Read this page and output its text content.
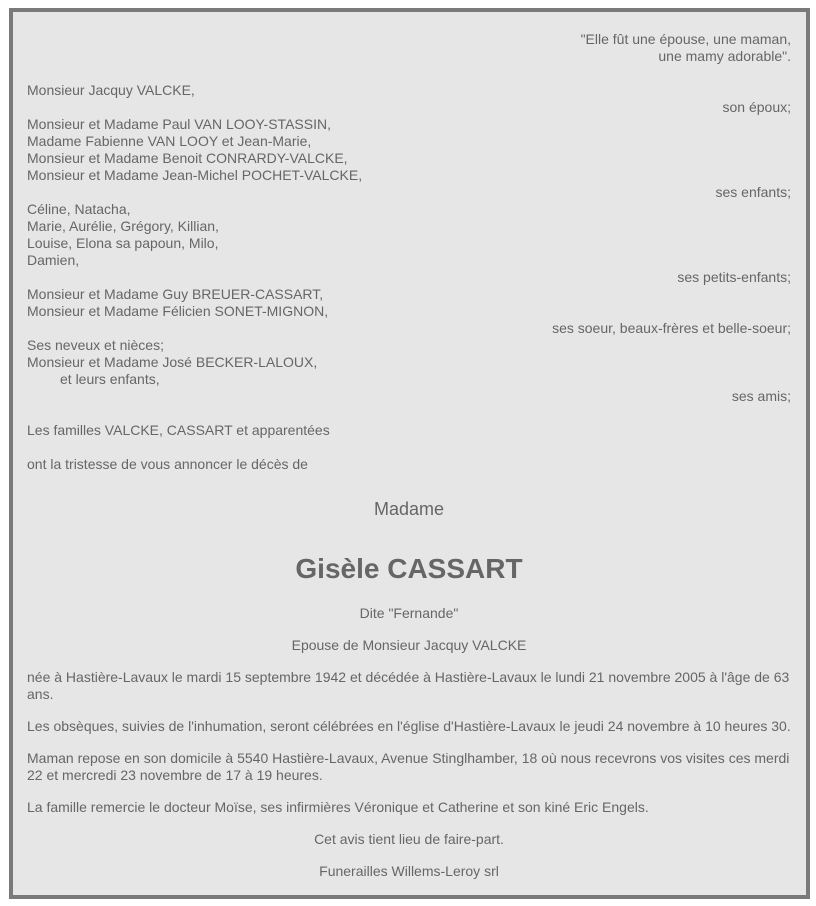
"Elle fût une épouse, une maman,

une mamy adorable".

Monsieur Jacquy VALCKE,

son époux;

Monsieur et Madame Paul VAN LOOY-STASSIN,

Madame Fabienne VAN LOOY et Jean-Marie,

Monsieur et Madame Benoit CONRARDY-VALCKE,

Monsieur et Madame Jean-Michel POCHET-VALCKE,

ses enfants;

Céline, Natacha,

Marie, Aurélie, Grégory, Killian,

Louise, Elona sa papoun, Milo,

Damien,

ses petits-enfants;

Monsieur et Madame Guy BREUER-CASSART,

Monsieur et Madame Félicien SONET-MIGNON,

ses soeur, beaux-frères et belle-soeur;

Ses neveux et nièces;

Monsieur et Madame José BECKER-LALOUX,

et leurs enfants,

ses amis;

Les familles VALCKE, CASSART et apparentées

ont la tristesse de vous annoncer le décès de

Madame

Gisèle CASSART

Dite "Fernande"

Epouse de Monsieur Jacquy VALCKE

née à Hastière-Lavaux le mardi 15 septembre 1942 et décédée à Hastière-Lavaux le lundi 21 novembre 2005 à l'âge de 63 ans.

Les obsèques, suivies de l'inhumation, seront célébrées en l'église d'Hastière-Lavaux le jeudi 24 novembre à 10 heures 30.

Maman repose en son domicile à 5540 Hastière-Lavaux, Avenue Stinglhamber, 18 où nous recevrons vos visites ces merdi 22 et mercredi 23 novembre de 17 à 19 heures.

La famille remercie le docteur Moïse, ses infirmières Véronique et Catherine et son kiné Eric Engels.

Cet avis tient lieu de faire-part.

Funerailles Willems-Leroy srl
